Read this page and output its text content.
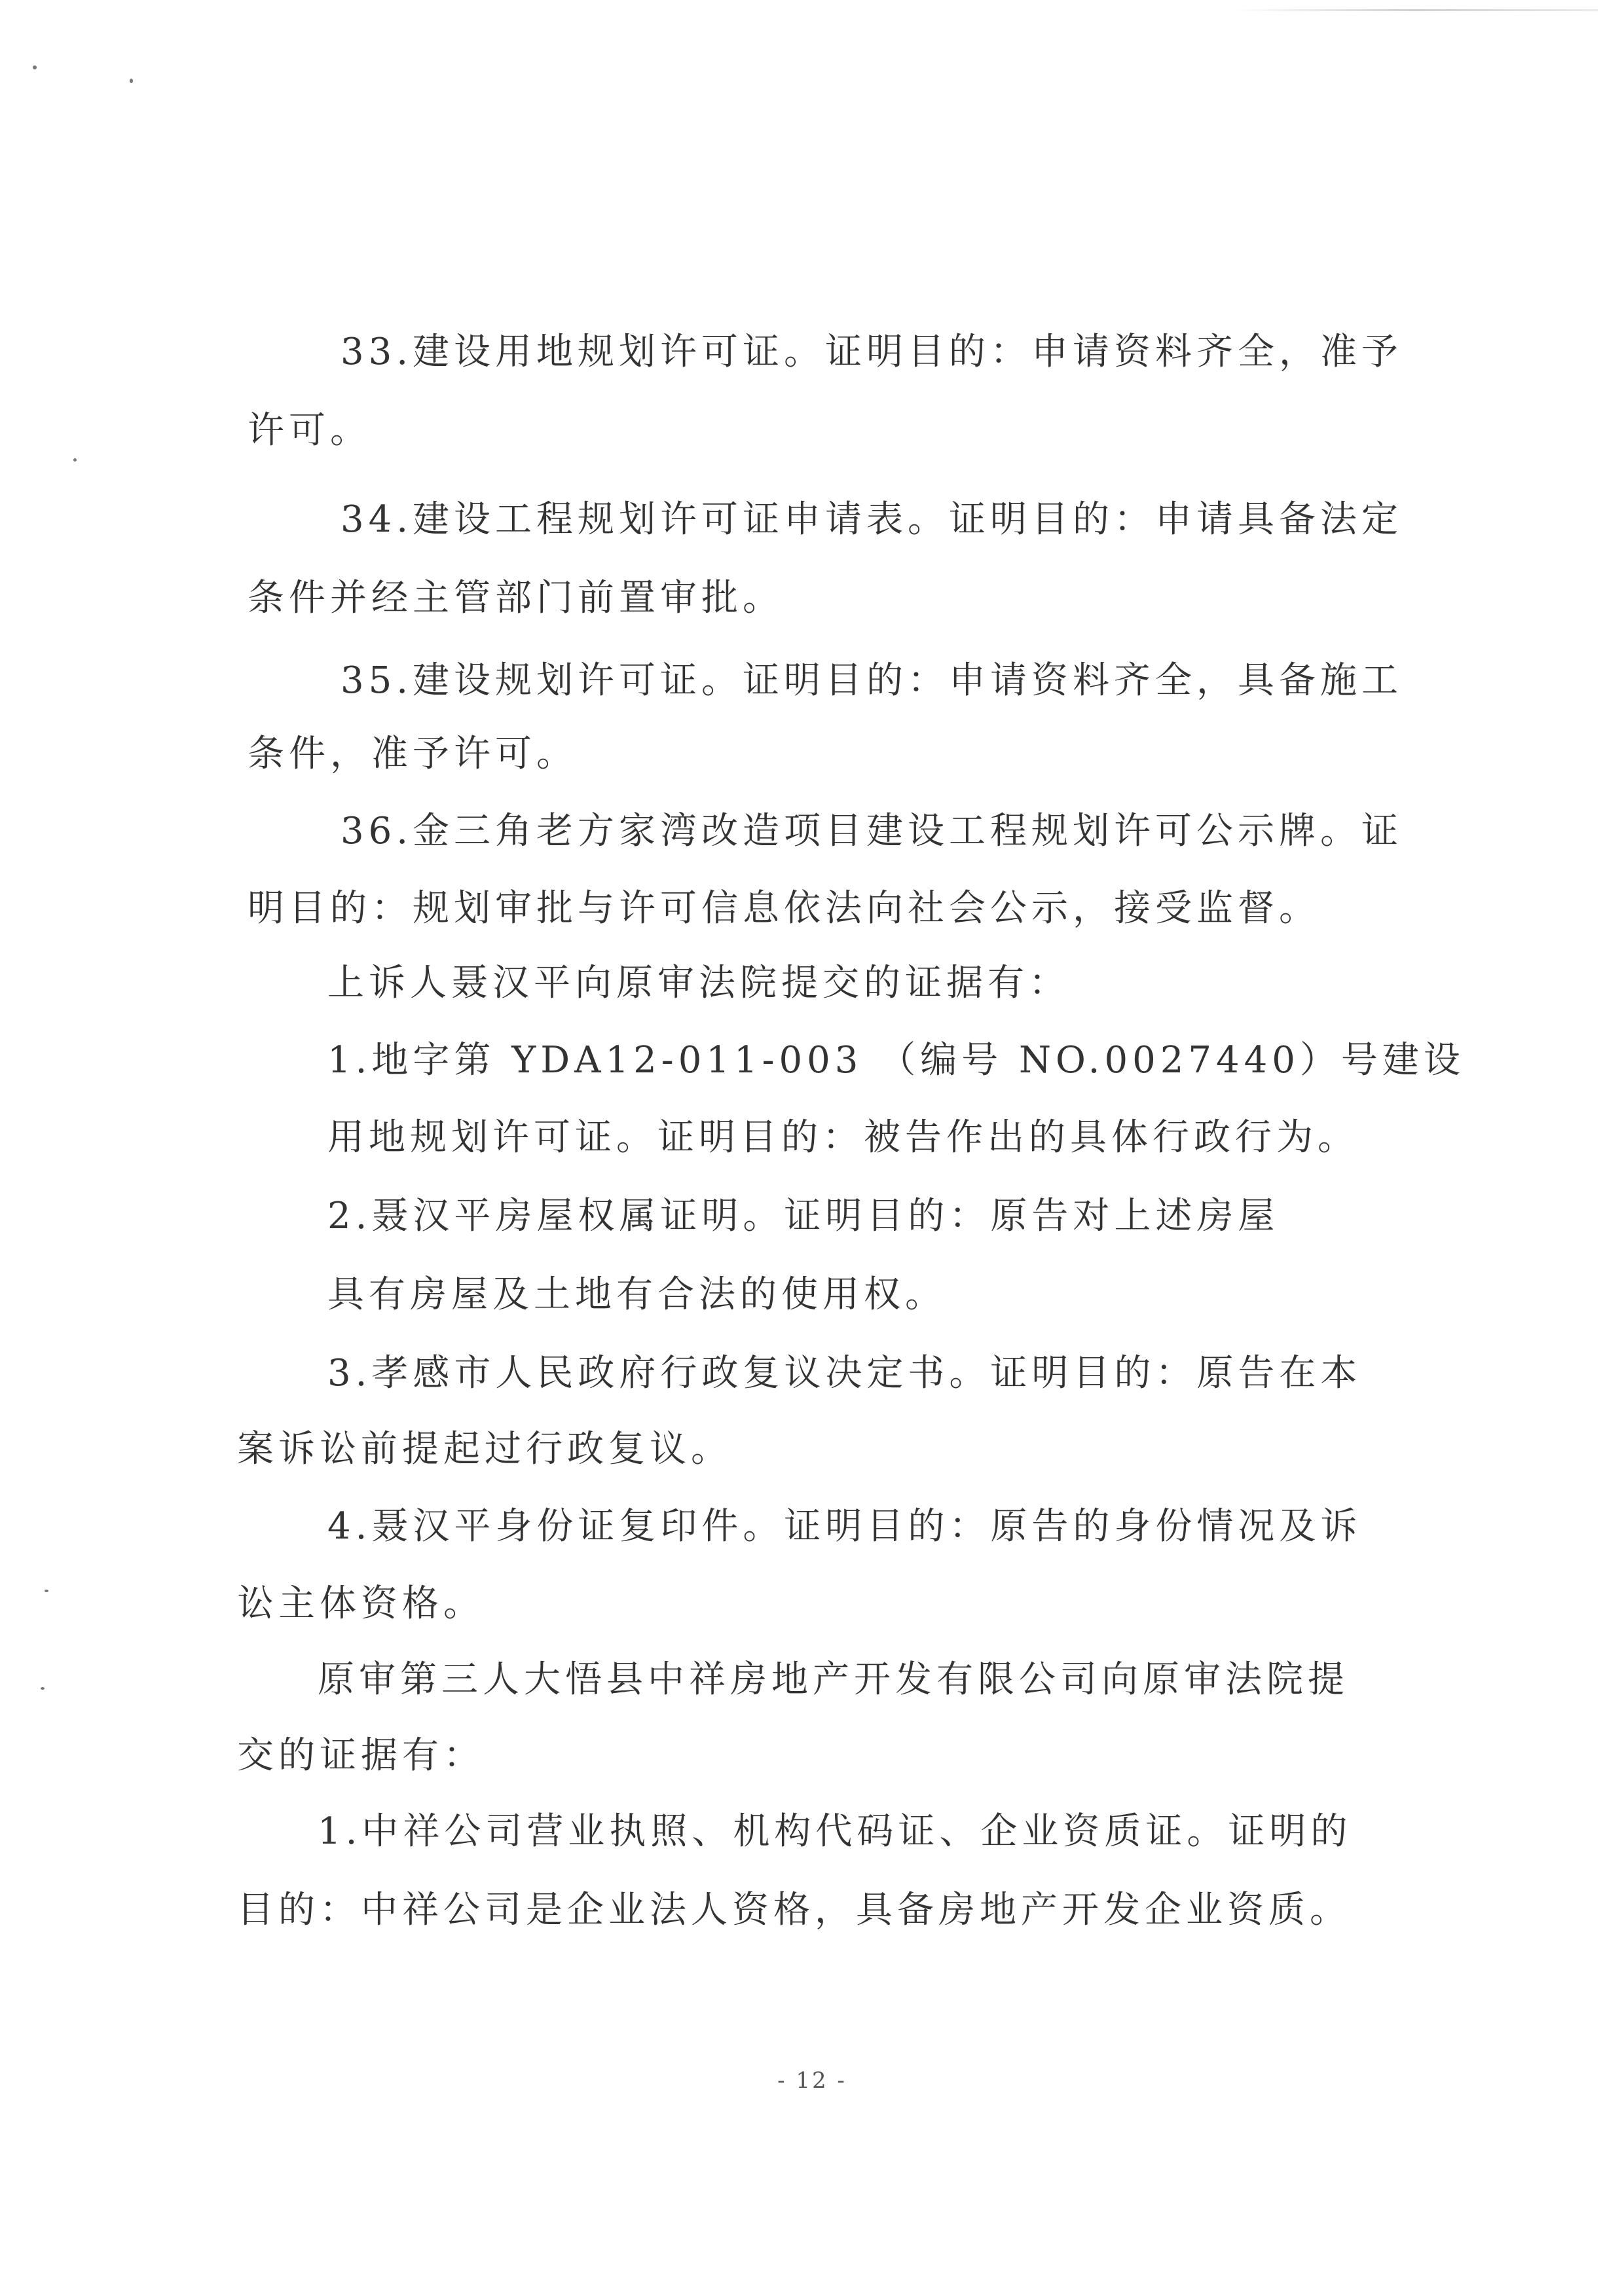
33.建设用地规划许可证。证明目的：申请资料齐全，准予
许可。
34.建设工程规划许可证申请表。证明目的：申请具备法定
条件并经主管部门前置审批。
35.建设规划许可证。证明目的：申请资料齐全，具备施工
条件，准予许可。
36.金三角老方家湾改造项目建设工程规划许可公示牌。证
明目的：规划审批与许可信息依法向社会公示，接受监督。
上诉人聂汉平向原审法院提交的证据有：
1.地字第 YDA12-011-003 （编号 NO.0027440）号建设
用地规划许可证。证明目的：被告作出的具体行政行为。
2.聂汉平房屋权属证明。证明目的：原告对上述房屋
具有房屋及土地有合法的使用权。
3.孝感市人民政府行政复议决定书。证明目的：原告在本
案诉讼前提起过行政复议。
4.聂汉平身份证复印件。证明目的：原告的身份情况及诉
讼主体资格。
原审第三人大悟县中祥房地产开发有限公司向原审法院提
交的证据有：
1.中祥公司营业执照、机构代码证、企业资质证。证明的
目的：中祥公司是企业法人资格，具备房地产开发企业资质。
- 12 -
